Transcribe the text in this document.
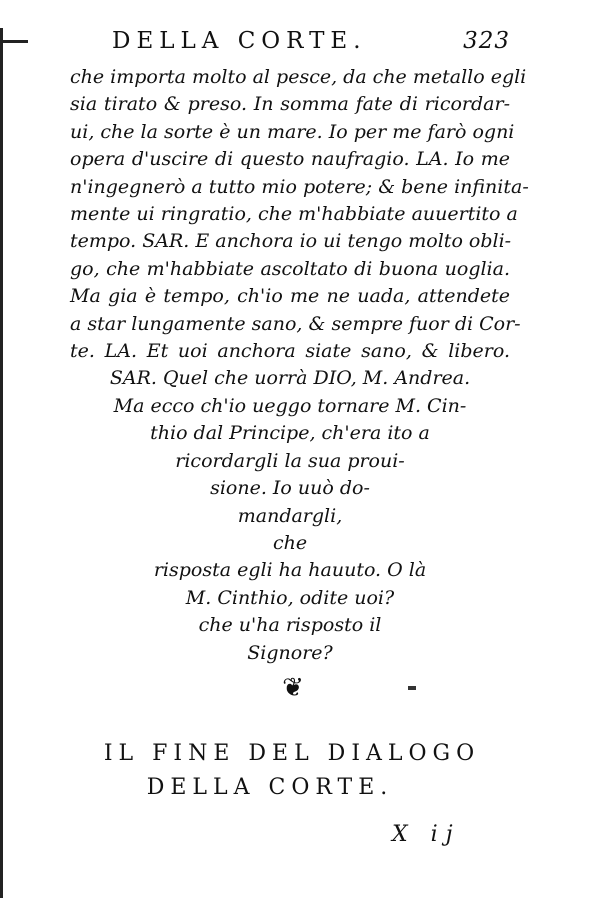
DELLA CORTE.	323
che importa molto al pesce, da che metallo egli
sia tirato & preso. In somma fate di ricordar-
ui, che la sorte è un mare. Io per me farò ogni
opera d'uscire di questo naufragio. LA. Io me
n'ingegnerò a tutto mio potere; & bene infinita-
mente ui ringratio, che m'habbiate auuertito a
tempo. SAR. E anchora io ui tengo molto obli-
go, che m'habbiate ascoltato di buona uoglia.
Ma gia è tempo, ch'io me ne uada, attendete
a star lungamente sano, & sempre fuor di Cor-
te. LA. Et uoi anchora siate sano, & libero.
SAR. Quel che uorrà DIO, M. Andrea.
Ma ecco ch'io ueggo tornare M. Cin-
thio dal Principe, ch'era ito a
ricordargli la sua proui-
sione. Io uuò do-
mandargli,
che
risposta egli ha hauuto. O là
M. Cinthio, odite uoi?
che u'ha risposto il
Signore?
❦
IL FINE DEL DIALOGO
DELLA CORTE.
X ij
